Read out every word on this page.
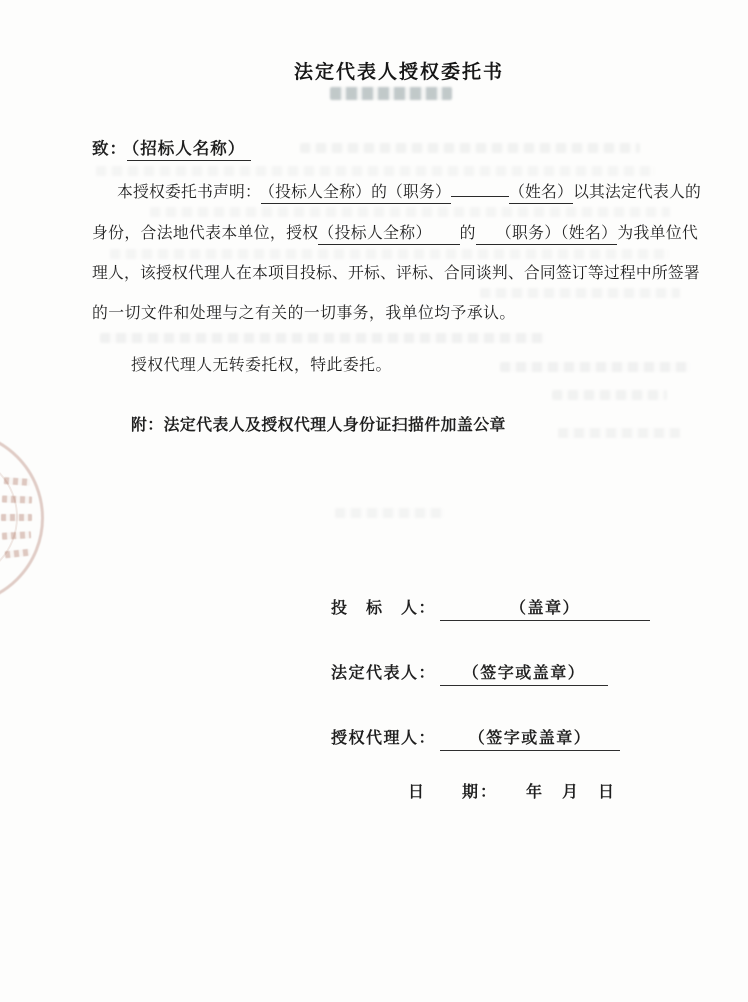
法定代表人授权委托书
致： （招标人名称）
本授权委托书声明： （投标人全称）的（职务）	（姓名）以其法定代表人的
身份，合法地代表本单位，授权（投标人全称） 的 （职务）（姓名）为我单位代
理人，该授权代理人在本项目投标、开标、评标、合同谈判、合同签订等过程中所签署
的一切文件和处理与之有关的一切事务，我单位均予承认。
授权代理人无转委托权，特此委托。
附：法定代表人及授权代理人身份证扫描件加盖公章
投　标　人：	（盖章）
法定代表人： （签字或盖章）
授权代理人： （签字或盖章）
日　　期：　　年　月　日
